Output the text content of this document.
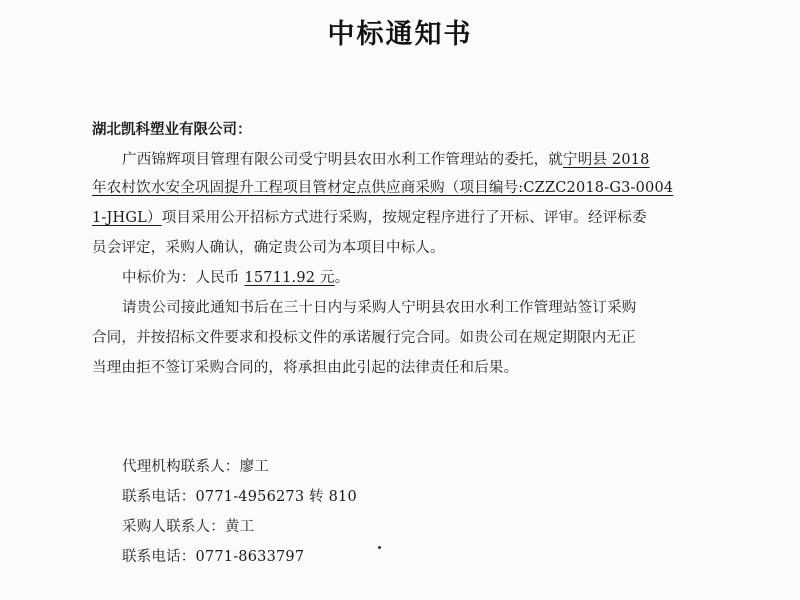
中标通知书
湖北凯科塑业有限公司：
广西锦辉项目管理有限公司受宁明县农田水利工作管理站的委托，就宁明县 2018
年农村饮水安全巩固提升工程项目管材定点供应商采购（项目编号:CZZC2018-G3-0004
1-JHGL）项目采用公开招标方式进行采购，按规定程序进行了开标、评审。经评标委
员会评定，采购人确认，确定贵公司为本项目中标人。
中标价为：人民币 15711.92 元。
请贵公司接此通知书后在三十日内与采购人宁明县农田水利工作管理站签订采购
合同，并按招标文件要求和投标文件的承诺履行完合同。如贵公司在规定期限内无正
当理由拒不签订采购合同的，将承担由此引起的法律责任和后果。
代理机构联系人：廖工
联系电话：0771-4956273 转 810
采购人联系人：黄工
联系电话：0771-8633797
